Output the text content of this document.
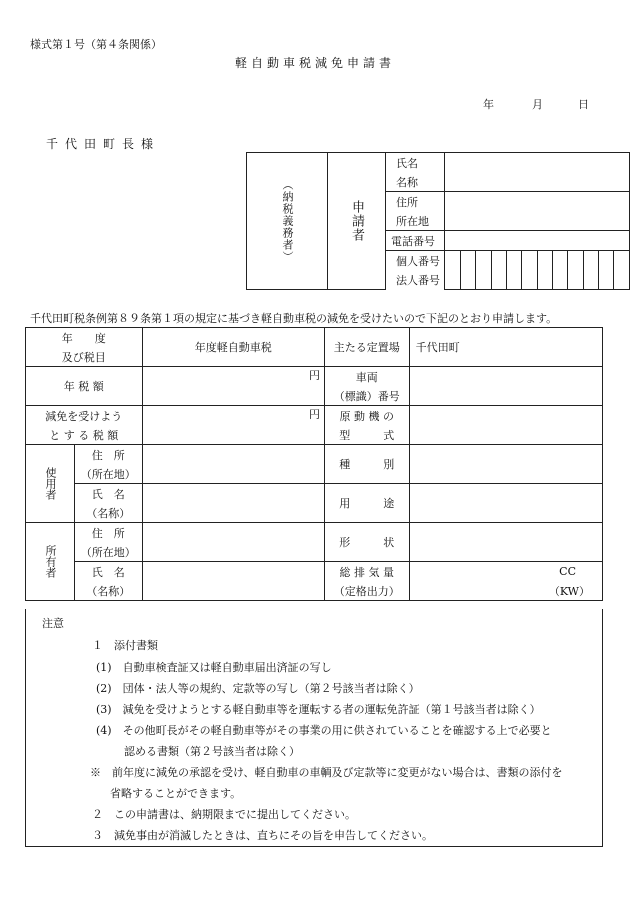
様式第１号（第４条関係）
軽自動車税減免申請書
年	月	日
千代田町長様
（納税義務者）	申請者	氏名												
		名称												
		住所												
		所在地												
		電話番号												
		個人番号												
		法人番号												
千代田町税条例第８９条第１項の規定に基づき軽自動車税の減免を受けたいので下記のとおり申請します。
年　　度		年度軽自動車税	主たる定置場	千代田町
及び税目				
年 税 額		円	車両	
			（標識）番号	
減免を受けよう		円	原 動 機 の	
と す る 税 額			型　　　式	
使用者	住　所		種　　　別	
	（所在地）			
	氏　名		用　　　途	
	（名称）			
所有者	住　所		形　　　状	
	（所在地）			
	氏　名		総 排 気 量	CC
	（名称）		（定格出力）	（KW）
注意
１　添付書類
(1)　自動車検査証又は軽自動車届出済証の写し
(2)　団体・法人等の規約、定款等の写し（第２号該当者は除く）
(3)　減免を受けようとする軽自動車等を運転する者の運転免許証（第１号該当者は除く）
(4)　その他町長がその軽自動車等がその事業の用に供されていることを確認する上で必要と
認める書類（第２号該当者は除く）
※　前年度に減免の承認を受け、軽自動車の車輌及び定款等に変更がない場合は、書類の添付を
省略することができます。
２　この申請書は、納期限までに提出してください。
３　減免事由が消滅したときは、直ちにその旨を申告してください。
